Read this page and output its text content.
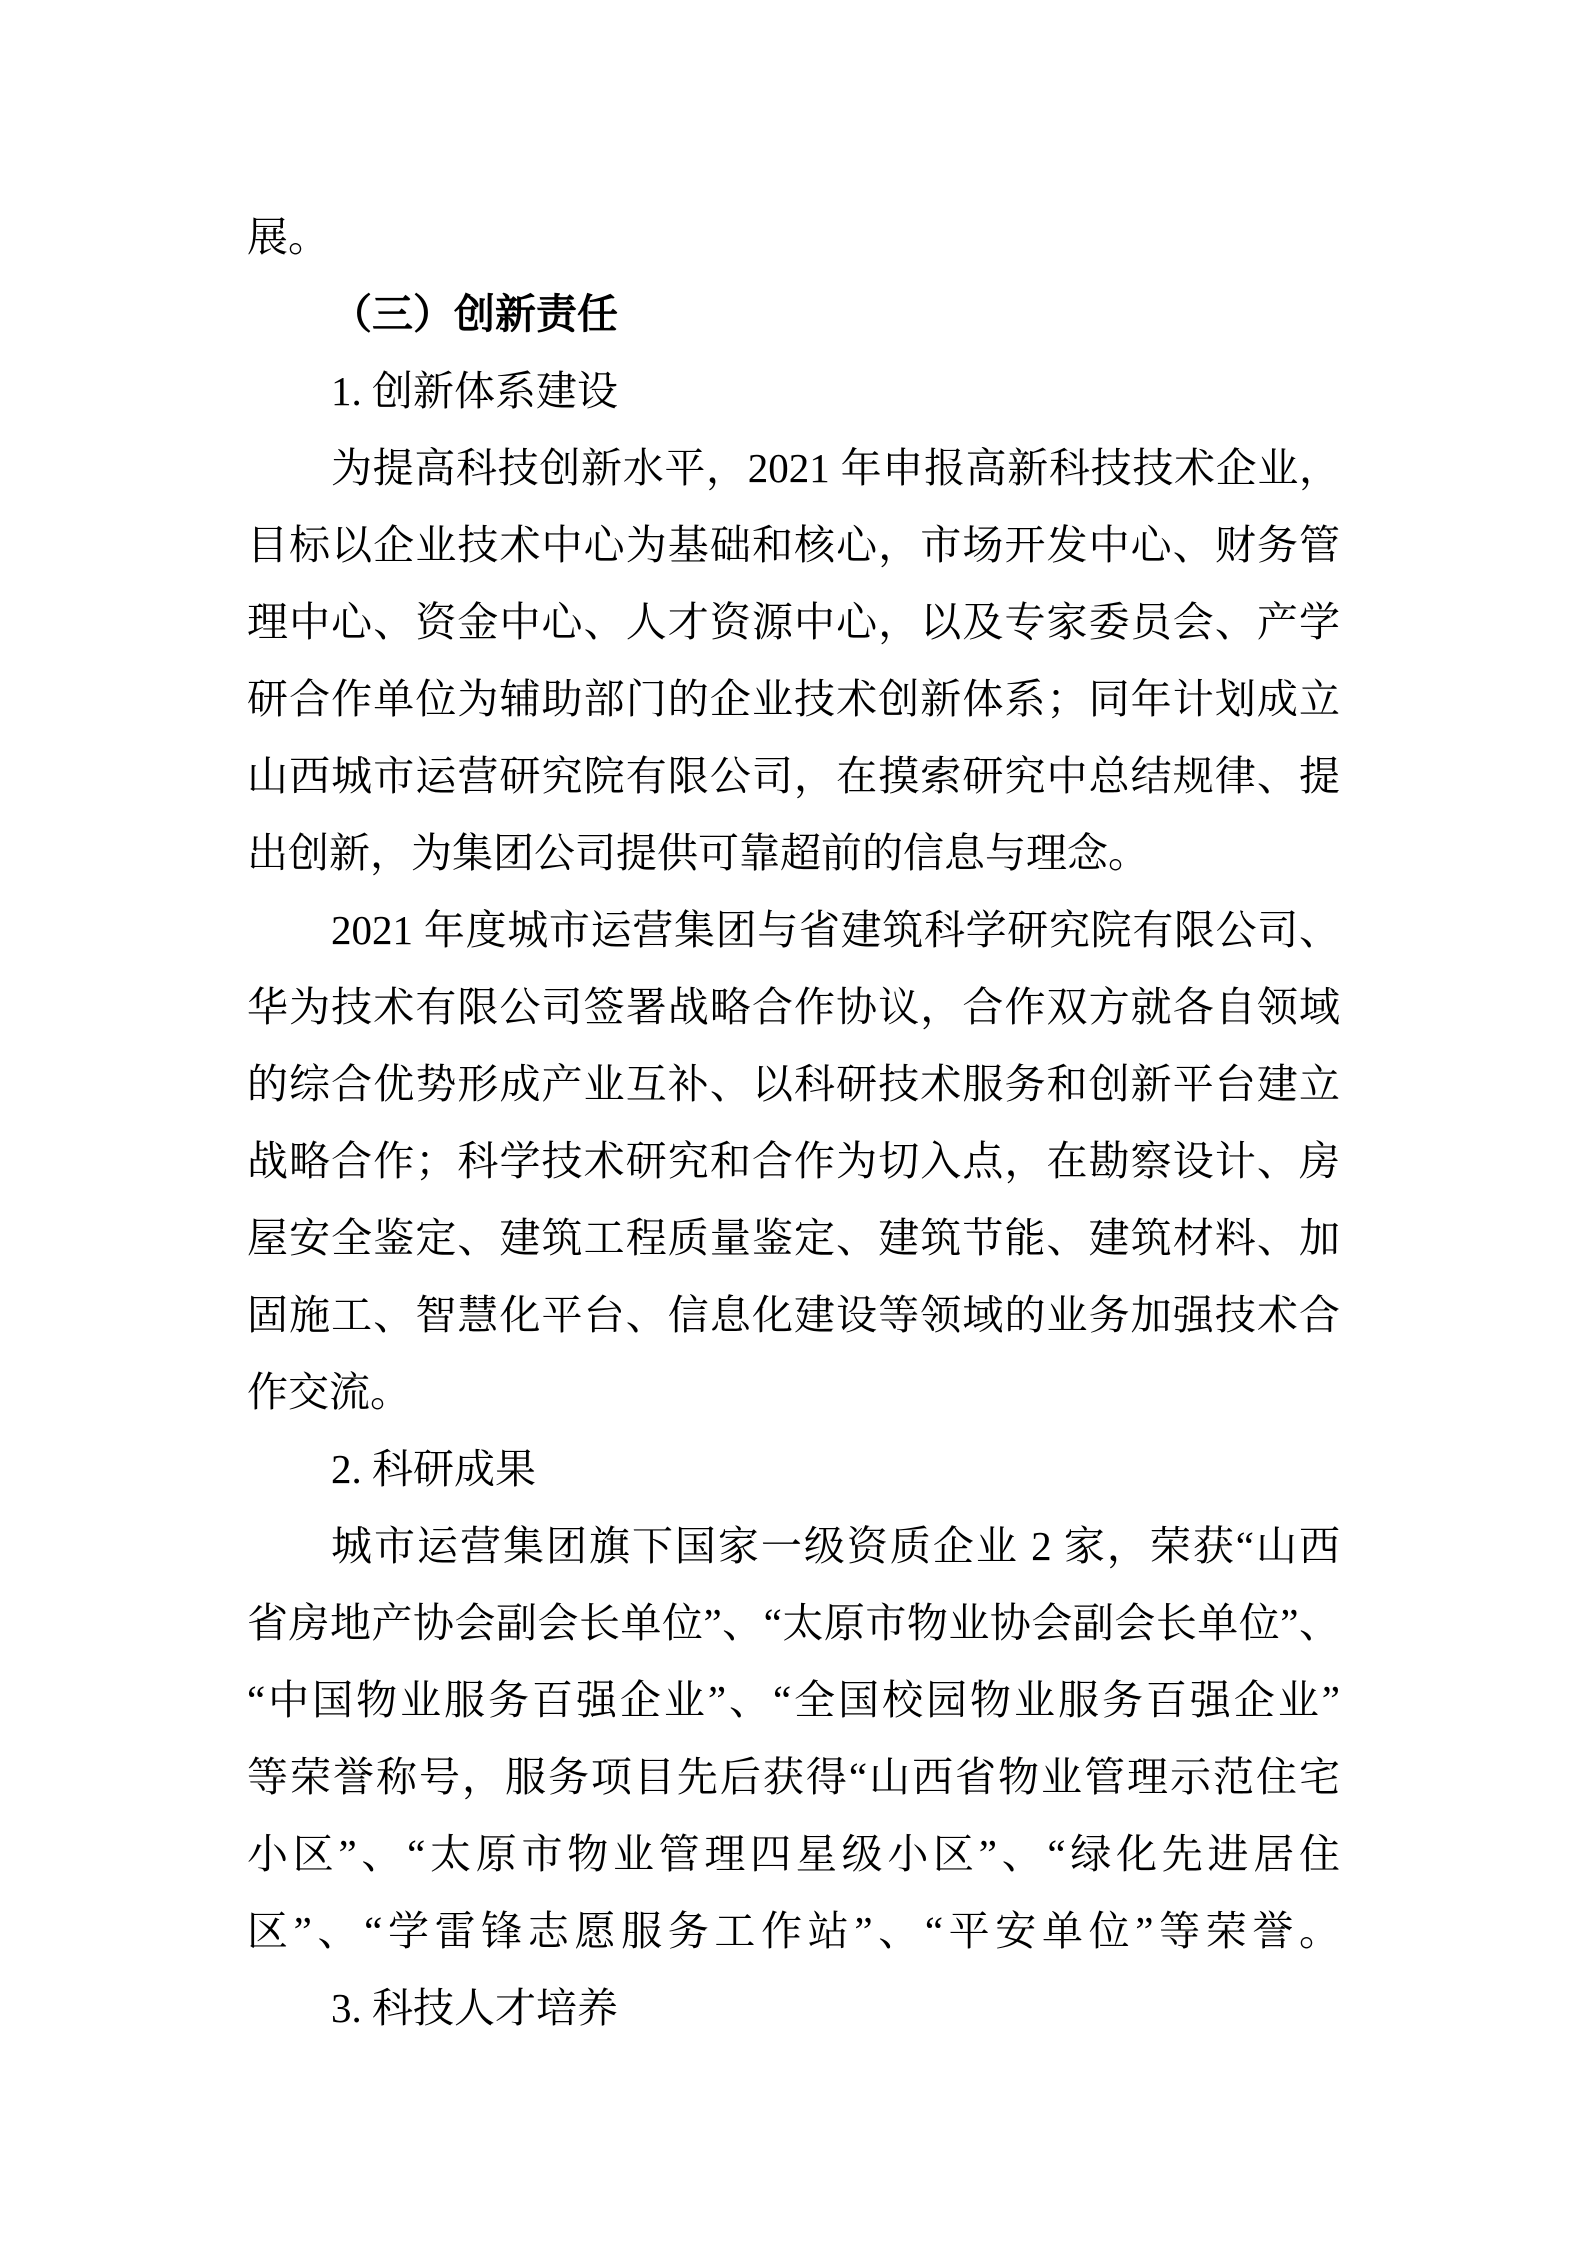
展。
（三）创新责任
1. 创新体系建设
为提高科技创新水平，2021 年申报高新科技技术企业，
目标以企业技术中心为基础和核心，市场开发中心、财务管
理中心、资金中心、人才资源中心，以及专家委员会、产学
研合作单位为辅助部门的企业技术创新体系；同年计划成立
山西城市运营研究院有限公司，在摸索研究中总结规律、提
出创新，为集团公司提供可靠超前的信息与理念。
2021 年度城市运营集团与省建筑科学研究院有限公司、
华为技术有限公司签署战略合作协议，合作双方就各自领域
的综合优势形成产业互补、以科研技术服务和创新平台建立
战略合作；科学技术研究和合作为切入点，在勘察设计、房
屋安全鉴定、建筑工程质量鉴定、建筑节能、建筑材料、加
固施工、智慧化平台、信息化建设等领域的业务加强技术合
作交流。
2. 科研成果
城市运营集团旗下国家一级资质企业 2 家，荣获“山西
省房地产协会副会长单位”、“太原市物业协会副会长单位”、
“中国物业服务百强企业”、“全国校园物业服务百强企业”
等荣誉称号，服务项目先后获得“山西省物业管理示范住宅
小区”、“太原市物业管理四星级小区”、“绿化先进居住
区”、“学雷锋志愿服务工作站”、“平安单位”等荣誉。
3. 科技人才培养
